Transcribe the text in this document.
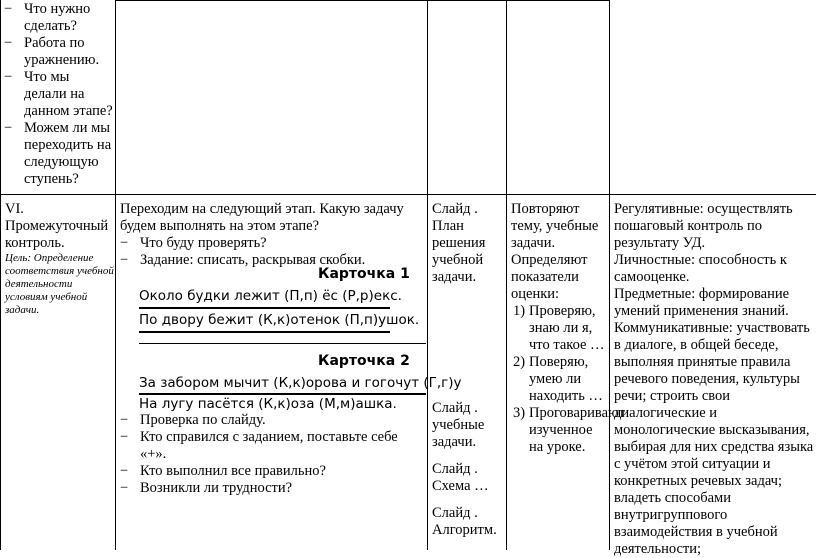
− Что нужно сделать?
− Работа по уражнению.
− Что мы делали на данном этапе?
− Можем ли мы переходить на следующую ступень?

VI. Промежуточный контроль.

Цель: Определение соответствия учебной деятельности условиям учебной задачи.

Переходим на следующий этап. Какую задачу будем выполнять на этом этапе?

− Что буду проверять?
− Задание: списать, раскрывая скобки.
Карточка 1
Около будки лежит (П,п) ёс (Р,р)екс.
По двору бежит (К,к)отенок (П,п)ушок.
Карточка 2
За забором мычит (К,к)орова и гогочут (Г,г)у
На лугу пасётся (К,к)оза (М,м)ашка.
− Проверка по слайду.
− Кто справился с заданием, поставьте себе «+».
− Кто выполнил все правильно?
− Возникли ли трудности?

Слайд . План решения учебной задачи.

Слайд . учебные задачи.

Слайд . Схема …

Слайд . Алгоритм.

Повторяют тему, учебные задачи. Определяют показатели оценки:

1) Проверяю, знаю ли я, что такое …
2) Поверяю, умею ли находить …
3) Проговаривают изученное на уроке.

Регулятивные: осуществлять пошаговый контроль по результату УД.

Личностные: способность к самооценке.

Предметные: формирование умений применения знаний.

Коммуникативные: участвовать в диалоге, в общей беседе, выполняя принятые правила речевого поведения, культуры речи; строить свои диалогические и монологические высказывания, выбирая для них средства языка с учётом этой ситуации и конкретных речевых задач; владеть способами внутригруппового взаимодействия в учебной деятельности;
